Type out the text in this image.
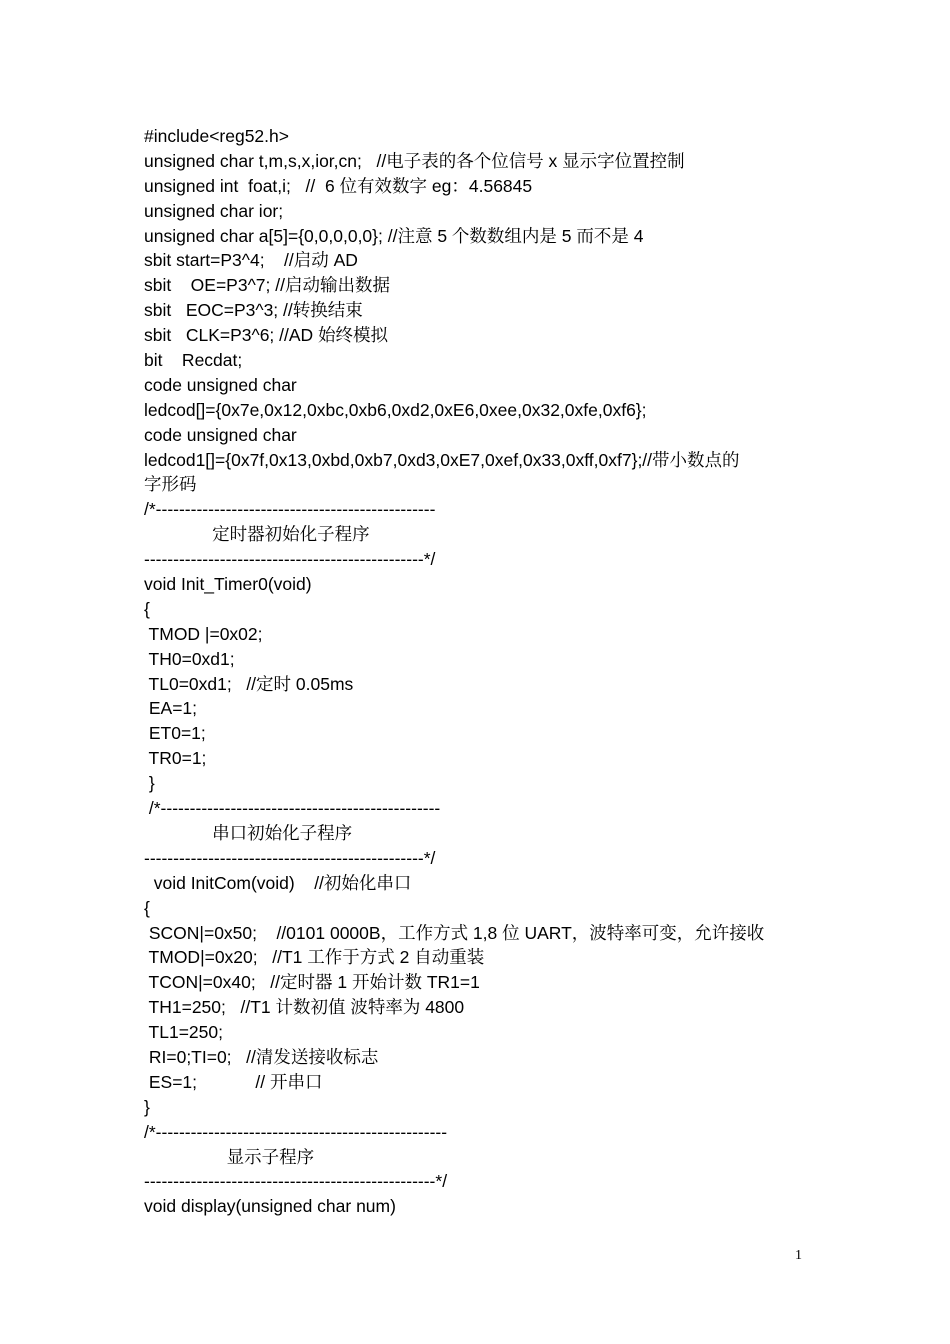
#include<reg52.h>
unsigned char t,m,s,x,ior,cn;   //电子表的各个位信号 x 显示字位置控制
unsigned int  foat,i;   //  6 位有效数字 eg：4.56845
unsigned char ior;
unsigned char a[5]={0,0,0,0,0}; //注意 5 个数数组内是 5 而不是 4
sbit start=P3^4;    //启动 AD
sbit    OE=P3^7; //启动输出数据
sbit   EOC=P3^3; //转换结束
sbit   CLK=P3^6; //AD 始终模拟
bit    Recdat;
code unsigned char
ledcod[]={0x7e,0x12,0xbc,0xb6,0xd2,0xE6,0xee,0x32,0xfe,0xf6};
code unsigned char
ledcod1[]={0x7f,0x13,0xbd,0xb7,0xd3,0xE7,0xef,0x33,0xff,0xf7};//带小数点的
字形码
/*------------------------------------------------
定时器初始化子程序
------------------------------------------------*/
void Init_Timer0(void)
{
TMOD |=0x02;
TH0=0xd1;
TL0=0xd1;   //定时 0.05ms
EA=1;
ET0=1;
TR0=1;
}
/*------------------------------------------------
串口初始化子程序
------------------------------------------------*/
void InitCom(void)    //初始化串口
{
SCON|=0x50;    //0101 0000B，工作方式 1,8 位 UART，波特率可变，允许接收
TMOD|=0x20;   //T1 工作于方式 2 自动重装
TCON|=0x40;   //定时器 1 开始计数 TR1=1
TH1=250;   //T1 计数初值 波特率为 4800
TL1=250;
RI=0;TI=0;   //清发送接收标志
ES=1;            // 开串口
}
/*--------------------------------------------------
显示子程序
--------------------------------------------------*/
void display(unsigned char num)
1
